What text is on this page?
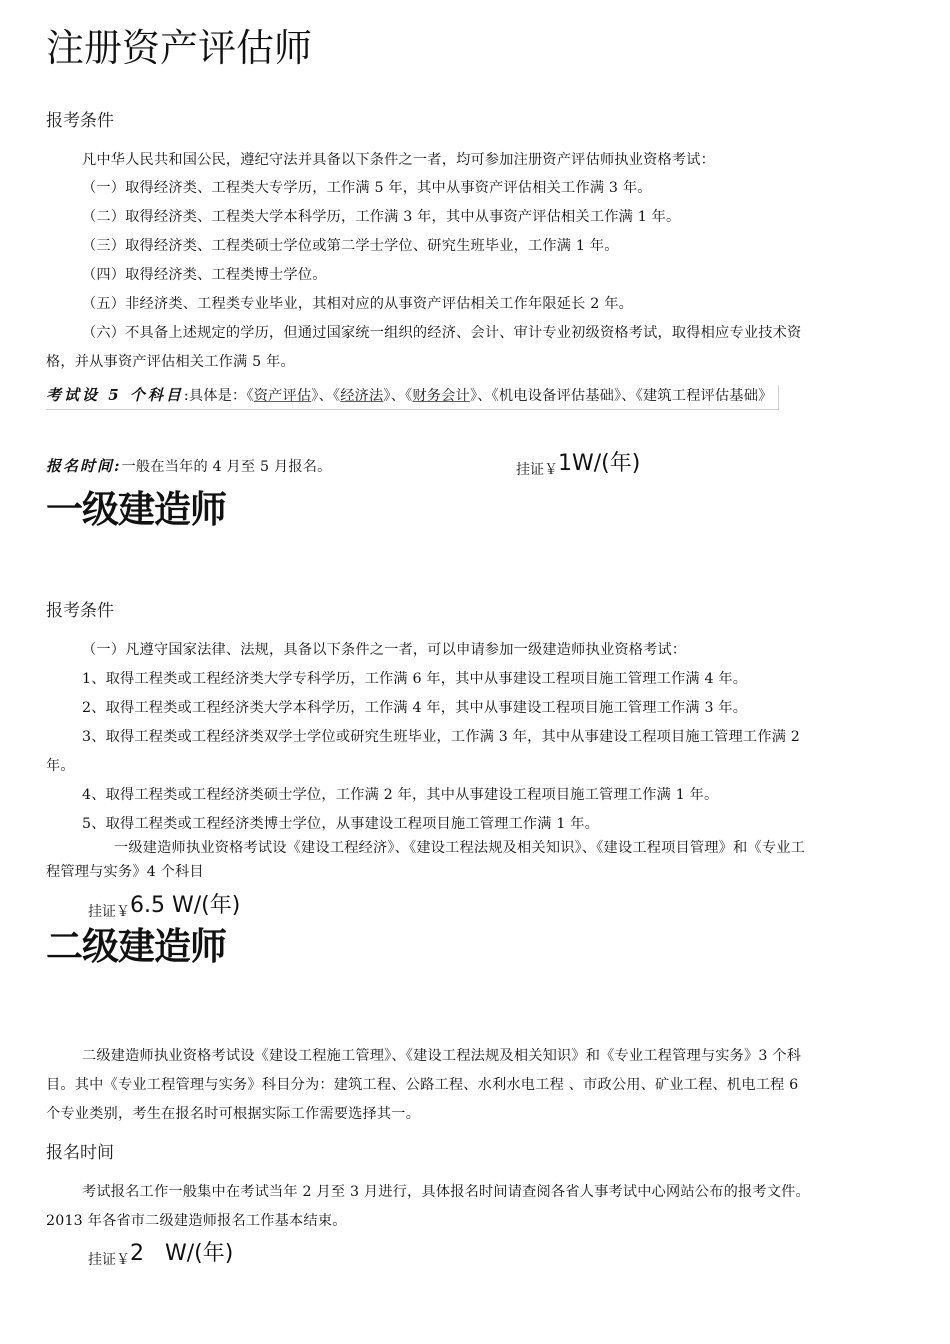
注册资产评估师
报考条件
凡中华人民共和国公民，遵纪守法并具备以下条件之一者，均可参加注册资产评估师执业资格考试：
（一）取得经济类、工程类大专学历，工作满 5 年，其中从事资产评估相关工作满 3 年。
（二）取得经济类、工程类大学本科学历，工作满 3 年，其中从事资产评估相关工作满 1 年。
（三）取得经济类、工程类硕士学位或第二学士学位、研究生班毕业，工作满 1 年。
（四）取得经济类、工程类博士学位。
（五）非经济类、工程类专业毕业，其相对应的从事资产评估相关工作年限延长 2 年。
（六）不具备上述规定的学历，但通过国家统一组织的经济、会计、审计专业初级资格考试，取得相应专业技术资
格，并从事资产评估相关工作满 5 年。
考试设 5 个科目:具体是：《资产评估》、《经济法》、《财务会计》、《机电设备评估基础》、《建筑工程评估基础》
报名时间:一般在当年的 4 月至 5 月报名。	挂证￥1W/(年)
一级建造师
报考条件
（一）凡遵守国家法律、法规，具备以下条件之一者，可以申请参加一级建造师执业资格考试：
1、取得工程类或工程经济类大学专科学历，工作满 6 年，其中从事建设工程项目施工管理工作满 4 年。
2、取得工程类或工程经济类大学本科学历，工作满 4 年，其中从事建设工程项目施工管理工作满 3 年。
3、取得工程类或工程经济类双学士学位或研究生班毕业，工作满 3 年，其中从事建设工程项目施工管理工作满 2
年。
4、取得工程类或工程经济类硕士学位，工作满 2 年，其中从事建设工程项目施工管理工作满 1 年。
5、取得工程类或工程经济类博士学位，从事建设工程项目施工管理工作满 1 年。
一级建造师执业资格考试设《建设工程经济》、《建设工程法规及相关知识》、《建设工程项目管理》和《专业工
程管理与实务》4 个科目
挂证￥6.5 W/(年)
二级建造师
二级建造师执业资格考试设《建设工程施工管理》、《建设工程法规及相关知识》和《专业工程管理与实务》3 个科
目。其中《专业工程管理与实务》科目分为：建筑工程、公路工程、水利水电工程 、市政公用、矿业工程、机电工程 6
个专业类别，考生在报名时可根据实际工作需要选择其一。
报名时间
考试报名工作一般集中在考试当年 2 月至 3 月进行，具体报名时间请查阅各省人事考试中心网站公布的报考文件。
2013 年各省市二级建造师报名工作基本结束。
挂证￥2   W/(年)
